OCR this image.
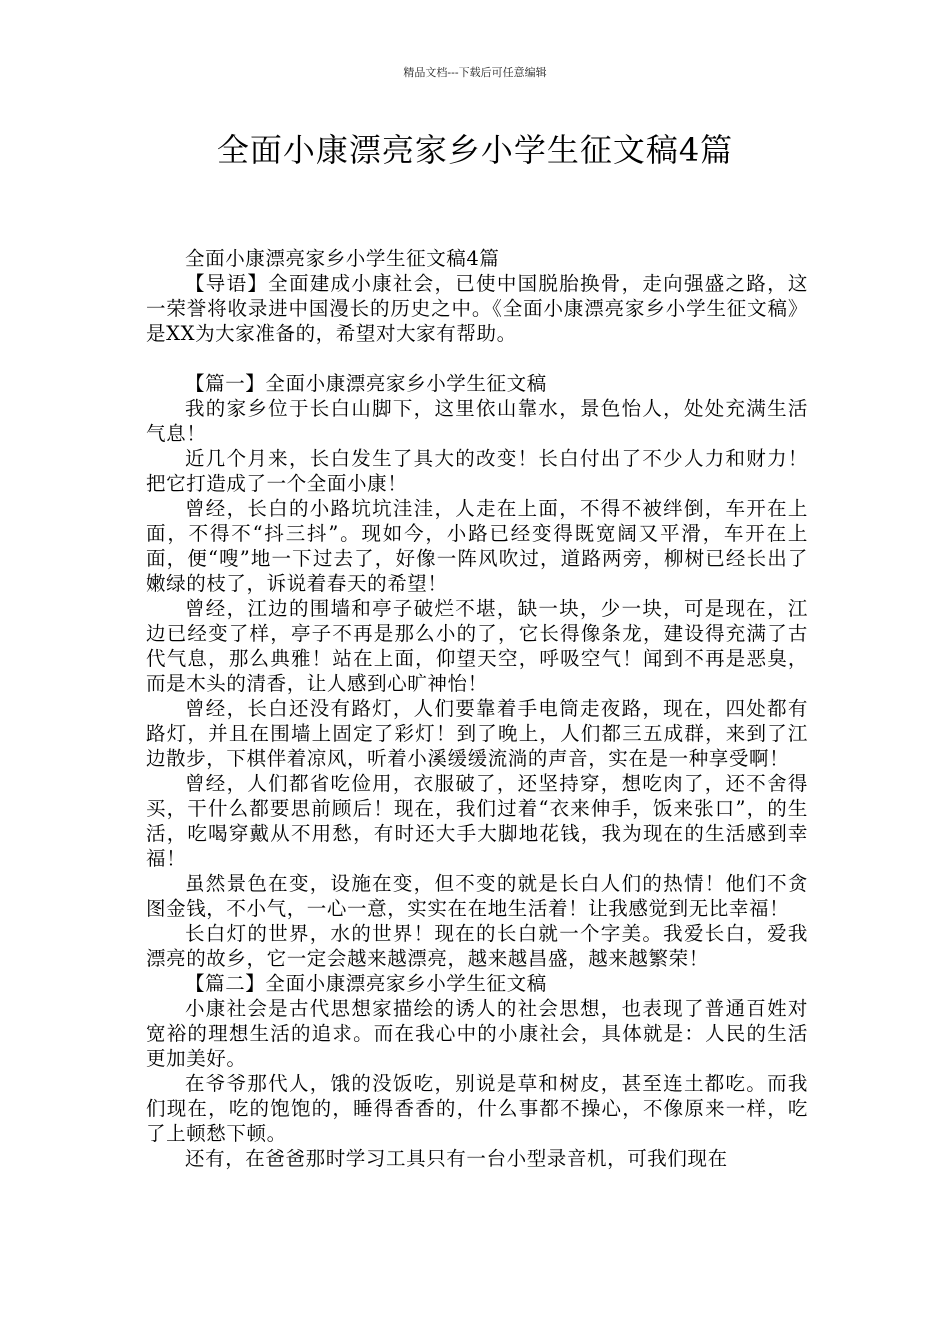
精品文档---下载后可任意编辑
全面小康漂亮家乡小学生征文稿4篇

全面小康漂亮家乡小学生征文稿4篇

【导语】全面建成小康社会，已使中国脱胎换骨，走向强盛之路，这一荣誉将收录进中国漫长的历史之中。《全面小康漂亮家乡小学生征文稿》是XX为大家准备的，希望对大家有帮助。

【篇一】全面小康漂亮家乡小学生征文稿

我的家乡位于长白山脚下，这里依山靠水，景色怡人，处处充满生活气息！

近几个月来，长白发生了具大的改变！长白付出了不少人力和财力！把它打造成了一个全面小康！

曾经，长白的小路坑坑洼洼，人走在上面，不得不被绊倒，车开在上面，不得不“抖三抖”。现如今，小路已经变得既宽阔又平滑，车开在上面，便“嗖”地一下过去了，好像一阵风吹过，道路两旁，柳树已经长出了嫩绿的枝了，诉说着春天的希望！

曾经，江边的围墙和亭子破烂不堪，缺一块，少一块，可是现在，江边已经变了样，亭子不再是那么小的了，它长得像条龙，建设得充满了古代气息，那么典雅！站在上面，仰望天空，呼吸空气！闻到不再是恶臭，而是木头的清香，让人感到心旷神怡！

曾经，长白还没有路灯，人们要靠着手电筒走夜路，现在，四处都有路灯，并且在围墙上固定了彩灯！到了晚上，人们都三五成群，来到了江边散步，下棋伴着凉风，听着小溪缓缓流淌的声音，实在是一种享受啊！

曾经，人们都省吃俭用，衣服破了，还坚持穿，想吃肉了，还不舍得买，干什么都要思前顾后！现在，我们过着“衣来伸手，饭来张口”，的生活，吃喝穿戴从不用愁，有时还大手大脚地花钱，我为现在的生活感到幸福！

虽然景色在变，设施在变，但不变的就是长白人们的热情！他们不贪图金钱，不小气，一心一意，实实在在地生活着！让我感觉到无比幸福！

长白灯的世界，水的世界！现在的长白就一个字美。我爱长白，爱我漂亮的故乡，它一定会越来越漂亮，越来越昌盛，越来越繁荣！

【篇二】全面小康漂亮家乡小学生征文稿

小康社会是古代思想家描绘的诱人的社会思想，也表现了普通百姓对宽裕的理想生活的追求。而在我心中的小康社会，具体就是：人民的生活更加美好。

在爷爷那代人，饿的没饭吃，别说是草和树皮，甚至连土都吃。而我们现在，吃的饱饱的，睡得香香的，什么事都不操心，不像原来一样，吃了上顿愁下顿。

还有，在爸爸那时学习工具只有一台小型录音机，可我们现在
